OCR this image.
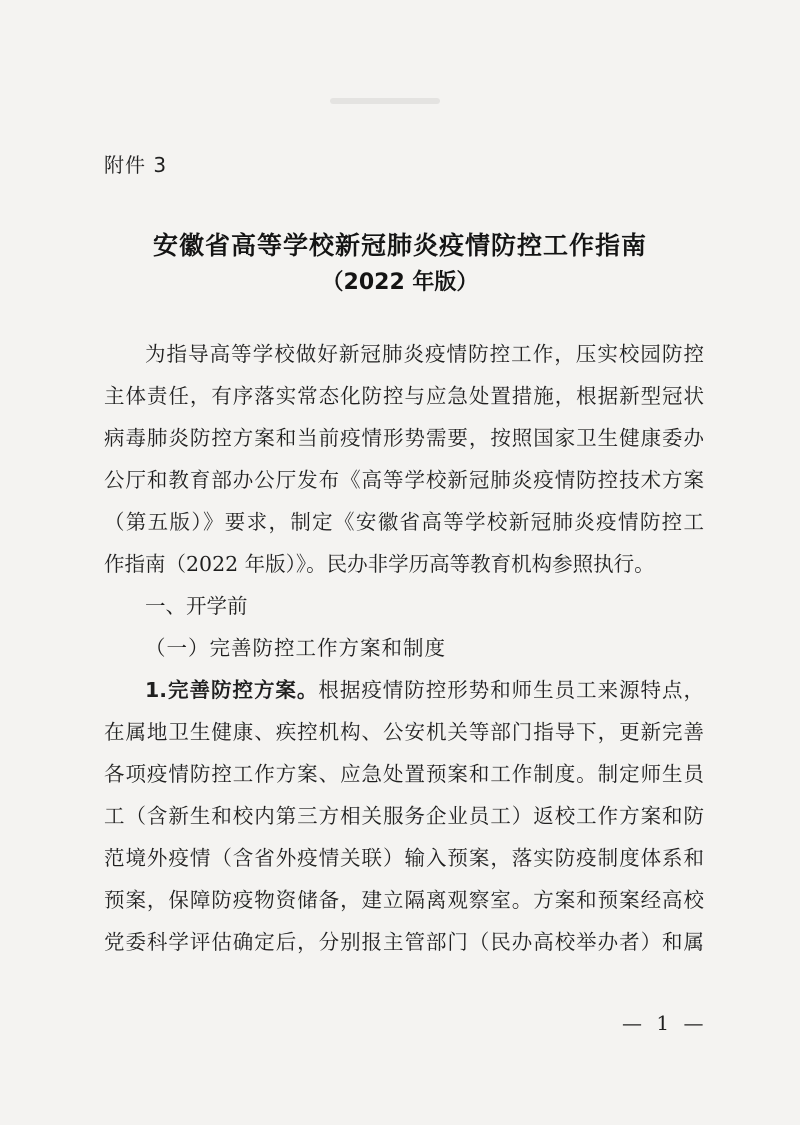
附件 3
安徽省高等学校新冠肺炎疫情防控工作指南
（2022 年版）
为指导高等学校做好新冠肺炎疫情防控工作，压实校园防控
主体责任，有序落实常态化防控与应急处置措施，根据新型冠状
病毒肺炎防控方案和当前疫情形势需要，按照国家卫生健康委办
公厅和教育部办公厅发布《高等学校新冠肺炎疫情防控技术方案
（第五版）》要求，制定《安徽省高等学校新冠肺炎疫情防控工
作指南（2022 年版）》。民办非学历高等教育机构参照执行。
一、开学前
（一）完善防控工作方案和制度
1.完善防控方案。根据疫情防控形势和师生员工来源特点，
在属地卫生健康、疾控机构、公安机关等部门指导下，更新完善
各项疫情防控工作方案、应急处置预案和工作制度。制定师生员
工（含新生和校内第三方相关服务企业员工）返校工作方案和防
范境外疫情（含省外疫情关联）输入预案，落实防疫制度体系和
预案，保障防疫物资储备，建立隔离观察室。方案和预案经高校
党委科学评估确定后，分别报主管部门（民办高校举办者）和属
— 1 —
